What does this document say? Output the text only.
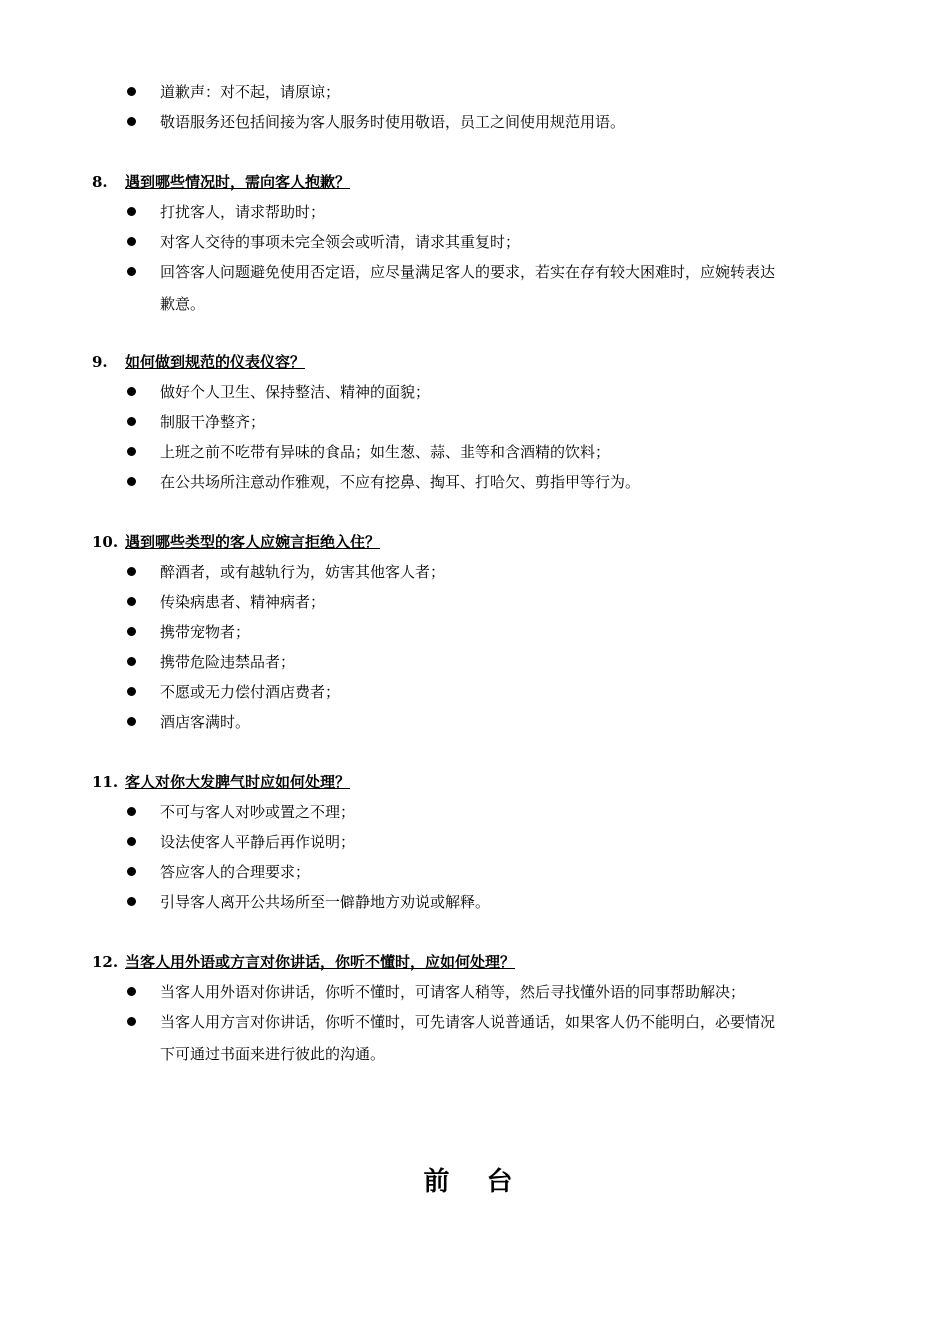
道歉声：对不起，请原谅；
敬语服务还包括间接为客人服务时使用敬语，员工之间使用规范用语。
8. 遇到哪些情况时，需向客人抱歉？
打扰客人，请求帮助时；
对客人交待的事项未完全领会或听清，请求其重复时；
回答客人问题避免使用否定语，应尽量满足客人的要求，若实在存有较大困难时，应婉转表达
歉意。
9. 如何做到规范的仪表仪容？
做好个人卫生、保持整洁、精神的面貌；
制服干净整齐；
上班之前不吃带有异味的食品；如生葱、蒜、韭等和含酒精的饮料；
在公共场所注意动作雅观，不应有挖鼻、掏耳、打哈欠、剪指甲等行为。
10. 遇到哪些类型的客人应婉言拒绝入住？
醉酒者，或有越轨行为，妨害其他客人者；
传染病患者、精神病者；
携带宠物者；
携带危险违禁品者；
不愿或无力偿付酒店费者；
酒店客满时。
11. 客人对你大发脾气时应如何处理？
不可与客人对吵或置之不理；
设法使客人平静后再作说明；
答应客人的合理要求；
引导客人离开公共场所至一僻静地方劝说或解释。
12. 当客人用外语或方言对你讲话，你听不懂时，应如何处理？
当客人用外语对你讲话，你听不懂时，可请客人稍等，然后寻找懂外语的同事帮助解决；
当客人用方言对你讲话，你听不懂时，可先请客人说普通话，如果客人仍不能明白，必要情况
下可通过书面来进行彼此的沟通。
前 台
